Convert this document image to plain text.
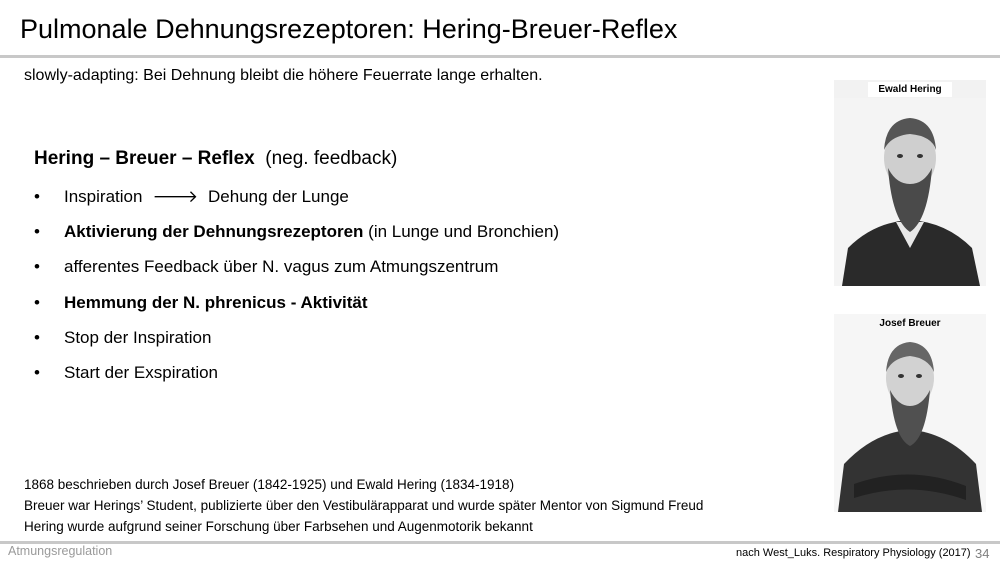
Pulmonale Dehnungsrezeptoren: Hering-Breuer-Reflex
slowly-adapting: Bei Dehnung bleibt die höhere Feuerrate lange erhalten.
Hering – Breuer – Reflex (neg. feedback)
• Inspiration 🡒 Dehung der Lunge
• Aktivierung der Dehnungsrezeptoren (in Lunge und Bronchien)
• afferentes Feedback über N. vagus zum Atmungszentrum
• Hemmung der N. phrenicus - Aktivität
• Stop der Inspiration
• Start der Exspiration
1868 beschrieben durch Josef Breuer (1842-1925) und Ewald Hering (1834-1918)
Breuer war Herings’ Student, publizierte über den Vestibulärapparat und wurde später Mentor von Sigmund Freud
Hering wurde aufgrund seiner Forschung über Farbsehen und Augenmotorik bekannt
Ewald Hering
Josef Breuer
Atmungsregulation	nach West_Luks. Respiratory Physiology (2017) 34
